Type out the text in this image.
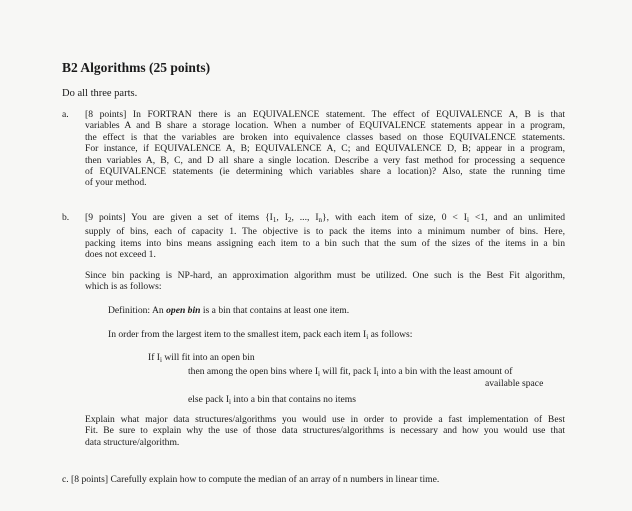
B2 Algorithms (25 points)
Do all three parts.
a. [8 points] In FORTRAN there is an EQUIVALENCE statement. The effect of EQUIVALENCE A, B is that
variables A and B share a storage location. When a number of EQUIVALENCE statements appear in a program,
the effect is that the variables are broken into equivalence classes based on those EQUIVALENCE statements.
For instance, if EQUIVALENCE A, B; EQUIVALENCE A, C; and EQUIVALENCE D, B; appear in a program,
then variables A, B, C, and D all share a single location. Describe a very fast method for processing a sequence
of EQUIVALENCE statements (ie determining which variables share a location)? Also, state the running time
of your method.
b. [9 points] You are given a set of items {$I_1$, $I_2$, ..., $I_n$}, with each item of size, $0 < I_i <1$, and an unlimited
supply of bins, each of capacity 1. The objective is to pack the items into a minimum number of bins. Here,
packing items into bins means assigning each item to a bin such that the sum of the sizes of the items in a bin
does not exceed 1.
Since bin packing is NP-hard, an approximation algorithm must be utilized. One such is the Best Fit algorithm,
which is as follows:
Definition: An open bin is a bin that contains at least one item.
In order from the largest item to the smallest item, pack each item $I_i$ as follows:
If $I_i$ will fit into an open bin
then among the open bins where $I_i$ will fit, pack $I_i$ into a bin with the least amount of
available space
else pack $I_i$ into a bin that contains no items
Explain what major data structures/algorithms you would use in order to provide a fast implementation of Best
Fit. Be sure to explain why the use of those data structures/algorithms is necessary and how you would use that
data structure/algorithm.
c. [8 points] Carefully explain how to compute the median of an array of n numbers in linear time.
